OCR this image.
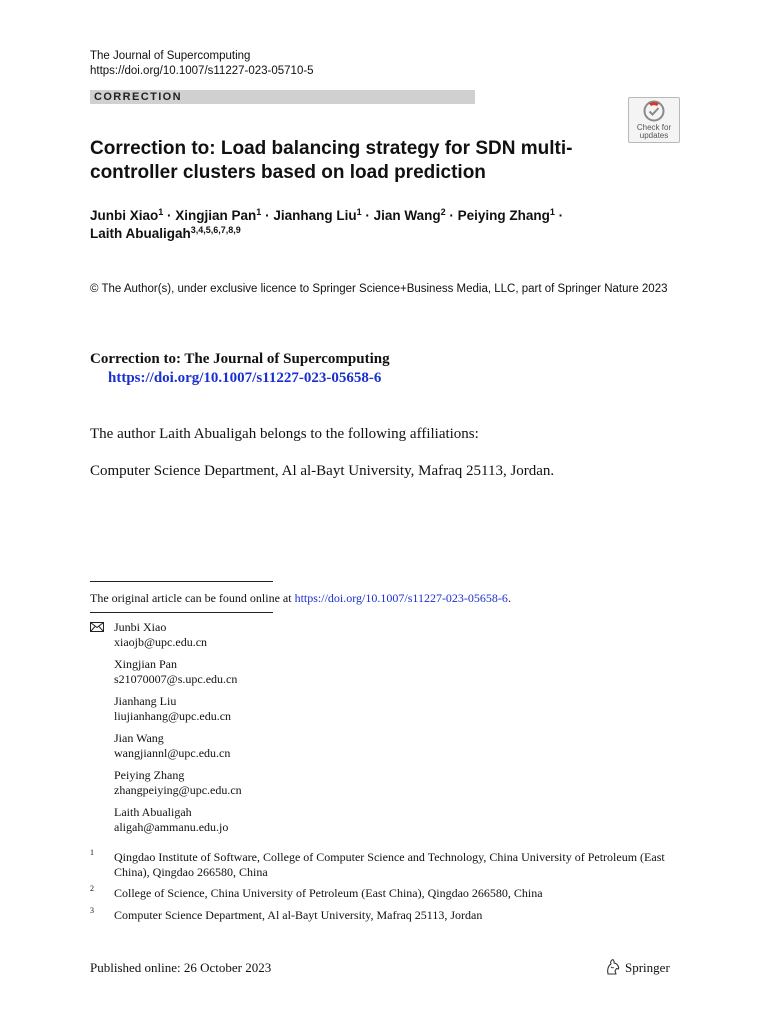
The Journal of Supercomputing
https://doi.org/10.1007/s11227-023-05710-5
CORRECTION
Check for
updates
Correction to: Load balancing strategy for SDN multi-controller clusters based on load prediction
Junbi Xiao$^1$ · Xingjian Pan$^1$ · Jianhang Liu$^1$ · Jian Wang$^2$ · Peiying Zhang$^1$ ·
Laith Abualigah$^{3,4,5,6,7,8,9}$
© The Author(s), under exclusive licence to Springer Science+Business Media, LLC, part of Springer Nature 2023
Correction to: The Journal of Supercomputing
https://doi.org/10.1007/s11227-023-05658-6
The author Laith Abualigah belongs to the following affiliations:
Computer Science Department, Al al-Bayt University, Mafraq 25113, Jordan.
The original article can be found online at https://doi.org/10.1007/s11227-023-05658-6.
Junbi Xiao
xiaojb@upc.edu.cn
Xingjian Pan
s21070007@s.upc.edu.cn
Jianhang Liu
liujianhang@upc.edu.cn
Jian Wang
wangjiannl@upc.edu.cn
Peiying Zhang
zhangpeiying@upc.edu.cn
Laith Abualigah
aligah@ammanu.edu.jo
1 Qingdao Institute of Software, College of Computer Science and Technology, China University of Petroleum (East China), Qingdao 266580, China
2 College of Science, China University of Petroleum (East China), Qingdao 266580, China
3 Computer Science Department, Al al-Bayt University, Mafraq 25113, Jordan
Published online: 26 October 2023	Springer
